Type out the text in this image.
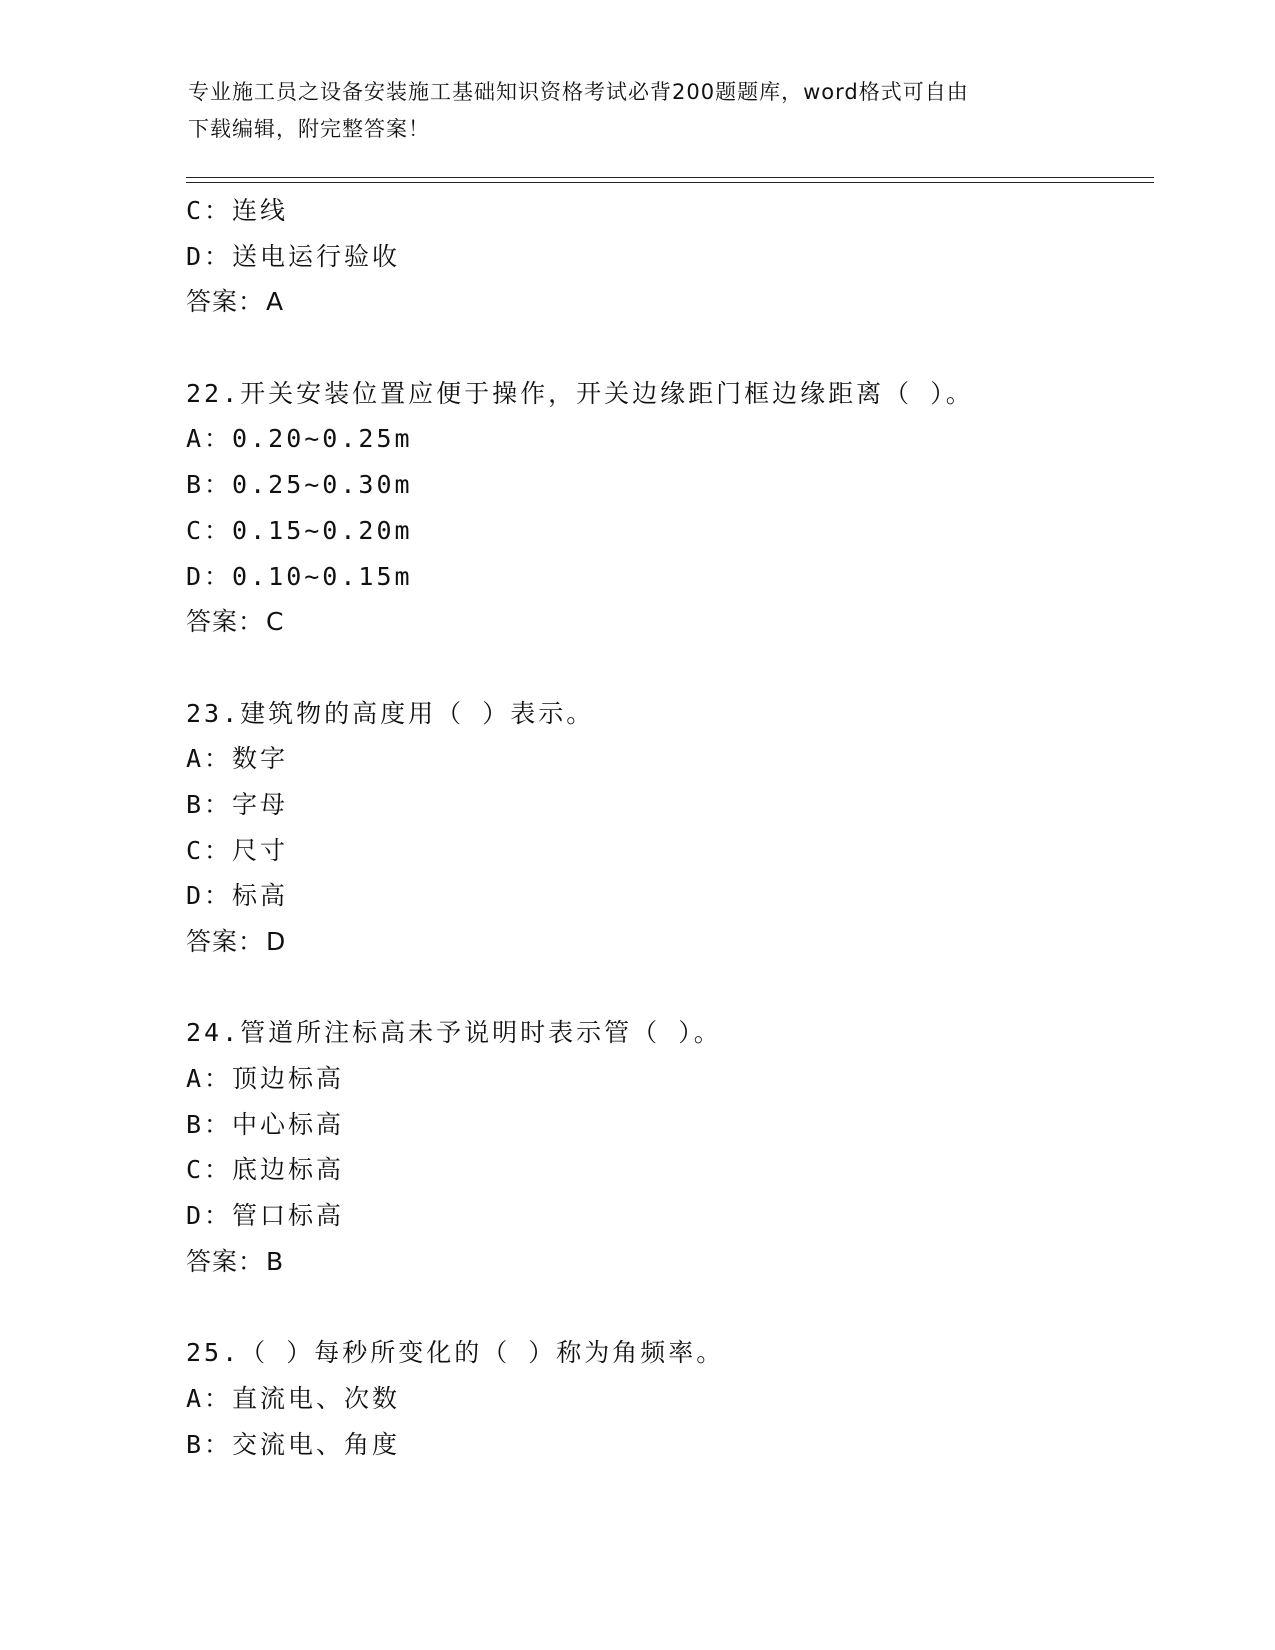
专业施工员之设备安装施工基础知识资格考试必背200题题库，word格式可自由
下载编辑，附完整答案！
C：连线
D：送电运行验收
答案：A
22.开关安装位置应便于操作，开关边缘距门框边缘距离（ ）。
A：0.20~0.25m
B：0.25~0.30m
C：0.15~0.20m
D：0.10~0.15m
答案：C
23.建筑物的高度用（ ）表示。
A：数字
B：字母
C：尺寸
D：标高
答案：D
24.管道所注标高未予说明时表示管（ ）。
A：顶边标高
B：中心标高
C：底边标高
D：管口标高
答案：B
25.（ ）每秒所变化的（ ）称为角频率。
A：直流电、次数
B：交流电、角度
